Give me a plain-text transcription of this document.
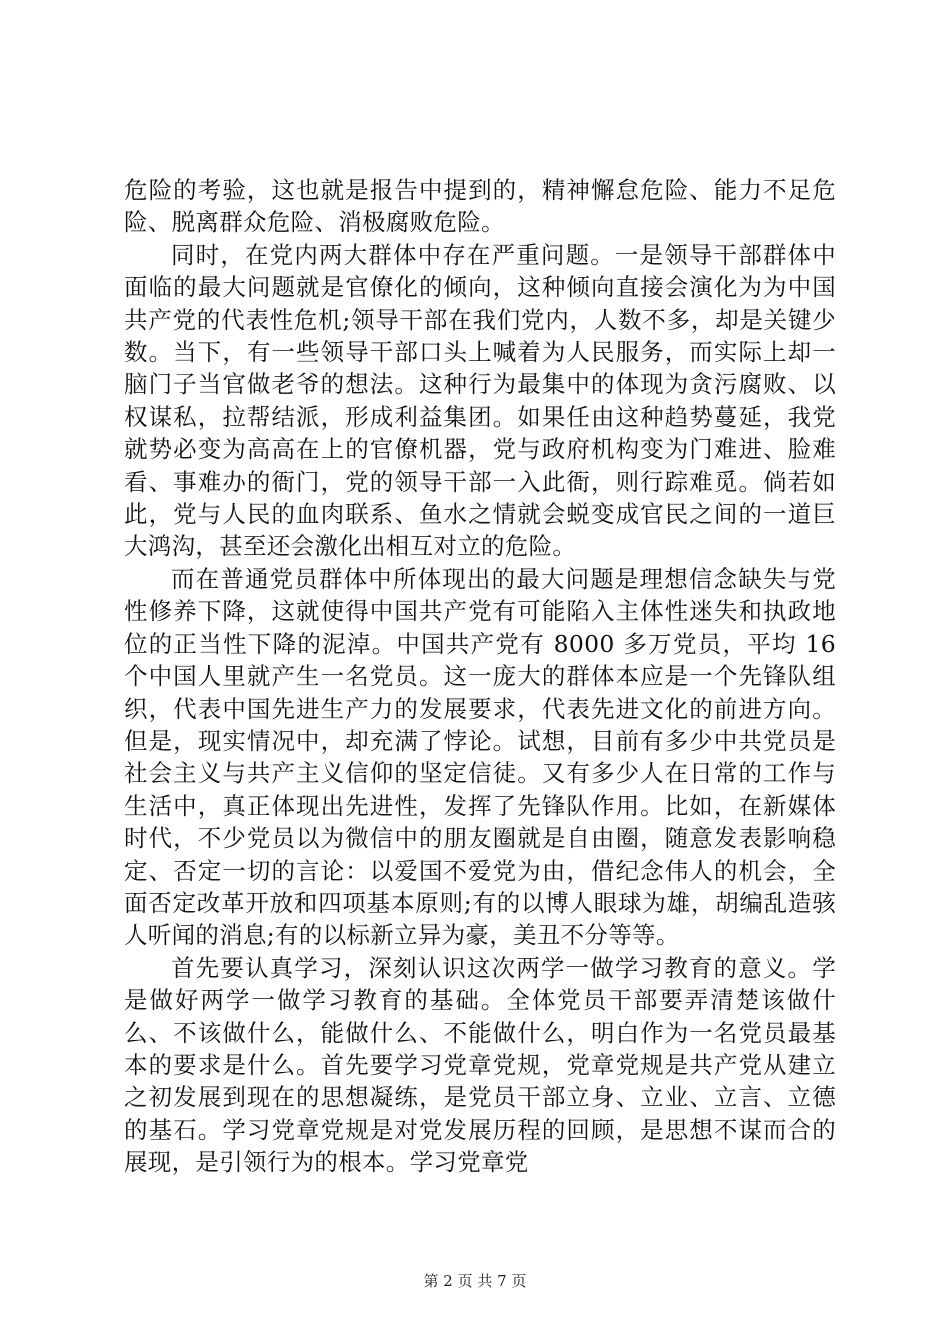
危险的考验，这也就是报告中提到的，精神懈怠危险、能力不足危险、脱离群众危险、消极腐败危险。

同时，在党内两大群体中存在严重问题。一是领导干部群体中面临的最大问题就是官僚化的倾向，这种倾向直接会演化为为中国共产党的代表性危机;领导干部在我们党内，人数不多，却是关键少数。当下，有一些领导干部口头上喊着为人民服务，而实际上却一脑门子当官做老爷的想法。这种行为最集中的体现为贪污腐败、以权谋私，拉帮结派，形成利益集团。如果任由这种趋势蔓延，我党就势必变为高高在上的官僚机器，党与政府机构变为门难进、脸难看、事难办的衙门，党的领导干部一入此衙，则行踪难觅。倘若如此，党与人民的血肉联系、鱼水之情就会蜕变成官民之间的一道巨大鸿沟，甚至还会激化出相互对立的危险。

而在普通党员群体中所体现出的最大问题是理想信念缺失与党性修养下降，这就使得中国共产党有可能陷入主体性迷失和执政地位的正当性下降的泥淖。中国共产党有 8000 多万党员，平均 16 个中国人里就产生一名党员。这一庞大的群体本应是一个先锋队组织，代表中国先进生产力的发展要求，代表先进文化的前进方向。但是，现实情况中，却充满了悖论。试想，目前有多少中共党员是社会主义与共产主义信仰的坚定信徒。又有多少人在日常的工作与生活中，真正体现出先进性，发挥了先锋队作用。比如，在新媒体时代，不少党员以为微信中的朋友圈就是自由圈，随意发表影响稳定、否定一切的言论：以爱国不爱党为由，借纪念伟人的机会，全面否定改革开放和四项基本原则;有的以博人眼球为雄，胡编乱造骇人听闻的消息;有的以标新立异为豪，美丑不分等等。

首先要认真学习，深刻认识这次两学一做学习教育的意义。学是做好两学一做学习教育的基础。全体党员干部要弄清楚该做什么、不该做什么，能做什么、不能做什么，明白作为一名党员最基本的要求是什么。首先要学习党章党规，党章党规是共产党从建立之初发展到现在的思想凝练，是党员干部立身、立业、立言、立德的基石。学习党章党规是对党发展历程的回顾，是思想不谋而合的展现，是引领行为的根本。学习党章党

第 2 页 共 7 页
